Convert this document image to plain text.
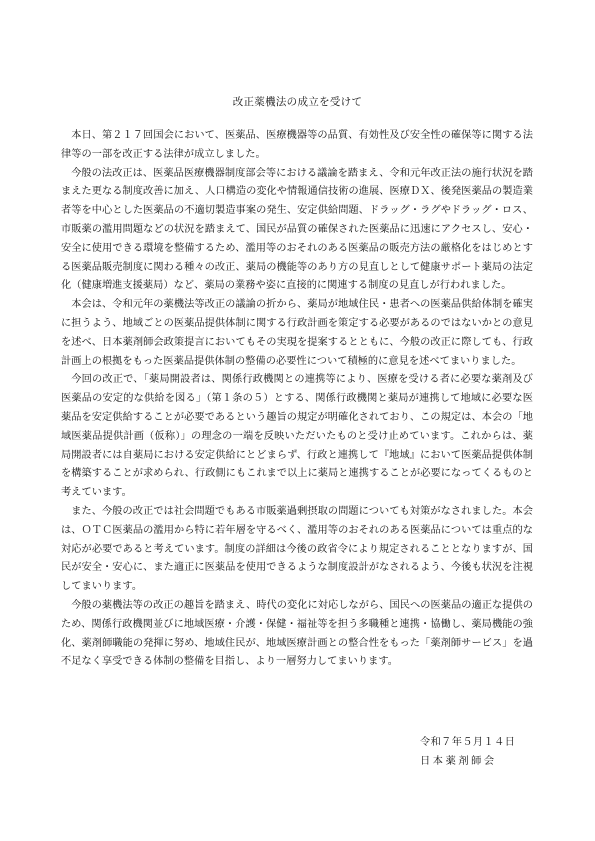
改正薬機法の成立を受けて

本日、第２１７回国会において、医薬品、医療機器等の品質、有効性及び安全性の確保等に関する法律等の一部を改正する法律が成立しました。

今般の法改正は、医薬品医療機器制度部会等における議論を踏まえ、令和元年改正法の施行状況を踏まえた更なる制度改善に加え、人口構造の変化や情報通信技術の進展、医療ＤＸ、後発医薬品の製造業者等を中心とした医薬品の不適切製造事案の発生、安定供給問題、ドラッグ・ラグやドラッグ・ロス、市販薬の濫用問題などの状況を踏まえて、国民が品質の確保された医薬品に迅速にアクセスし、安心・安全に使用できる環境を整備するため、濫用等のおそれのある医薬品の販売方法の厳格化をはじめとする医薬品販売制度に関わる種々の改正、薬局の機能等のあり方の見直しとして健康サポート薬局の法定化（健康増進支援薬局）など、薬局の業務や姿に直接的に関連する制度の見直しが行われました。

本会は、令和元年の薬機法等改正の議論の折から、薬局が地域住民・患者への医薬品供給体制を確実に担うよう、地域ごとの医薬品提供体制に関する行政計画を策定する必要があるのではないかとの意見を述べ、日本薬剤師会政策提言においてもその実現を提案するとともに、今般の改正に際しても、行政計画上の根拠をもった医薬品提供体制の整備の必要性について積極的に意見を述べてまいりました。

今回の改正で、「薬局開設者は、関係行政機関との連携等により、医療を受ける者に必要な薬剤及び医薬品の安定的な供給を図る」（第１条の５）とする、関係行政機関と薬局が連携して地域に必要な医薬品を安定供給することが必要であるという趣旨の規定が明確化されており、この規定は、本会の「地域医薬品提供計画（仮称）」の理念の一端を反映いただいたものと受け止めています。これからは、薬局開設者には自薬局における安定供給にとどまらず、行政と連携して『地域』において医薬品提供体制を構築することが求められ、行政側にもこれまで以上に薬局と連携することが必要になってくるものと考えています。

また、今般の改正では社会問題でもある市販薬過剰摂取の問題についても対策がなされました。本会は、ＯＴＣ医薬品の濫用から特に若年層を守るべく、濫用等のおそれのある医薬品については重点的な対応が必要であると考えています。制度の詳細は今後の政省令により規定されることとなりますが、国民が安全・安心に、また適正に医薬品を使用できるような制度設計がなされるよう、今後も状況を注視してまいります。

今般の薬機法等の改正の趣旨を踏まえ、時代の変化に対応しながら、国民への医薬品の適正な提供のため、関係行政機関並びに地域医療・介護・保健・福祉等を担う多職種と連携・協働し、薬局機能の強化、薬剤師職能の発揮に努め、地域住民が、地域医療計画との整合性をもった「薬剤師サービス」を過不足なく享受できる体制の整備を目指し、より一層努力してまいります。

令和７年５月１４日
日本薬剤師会
